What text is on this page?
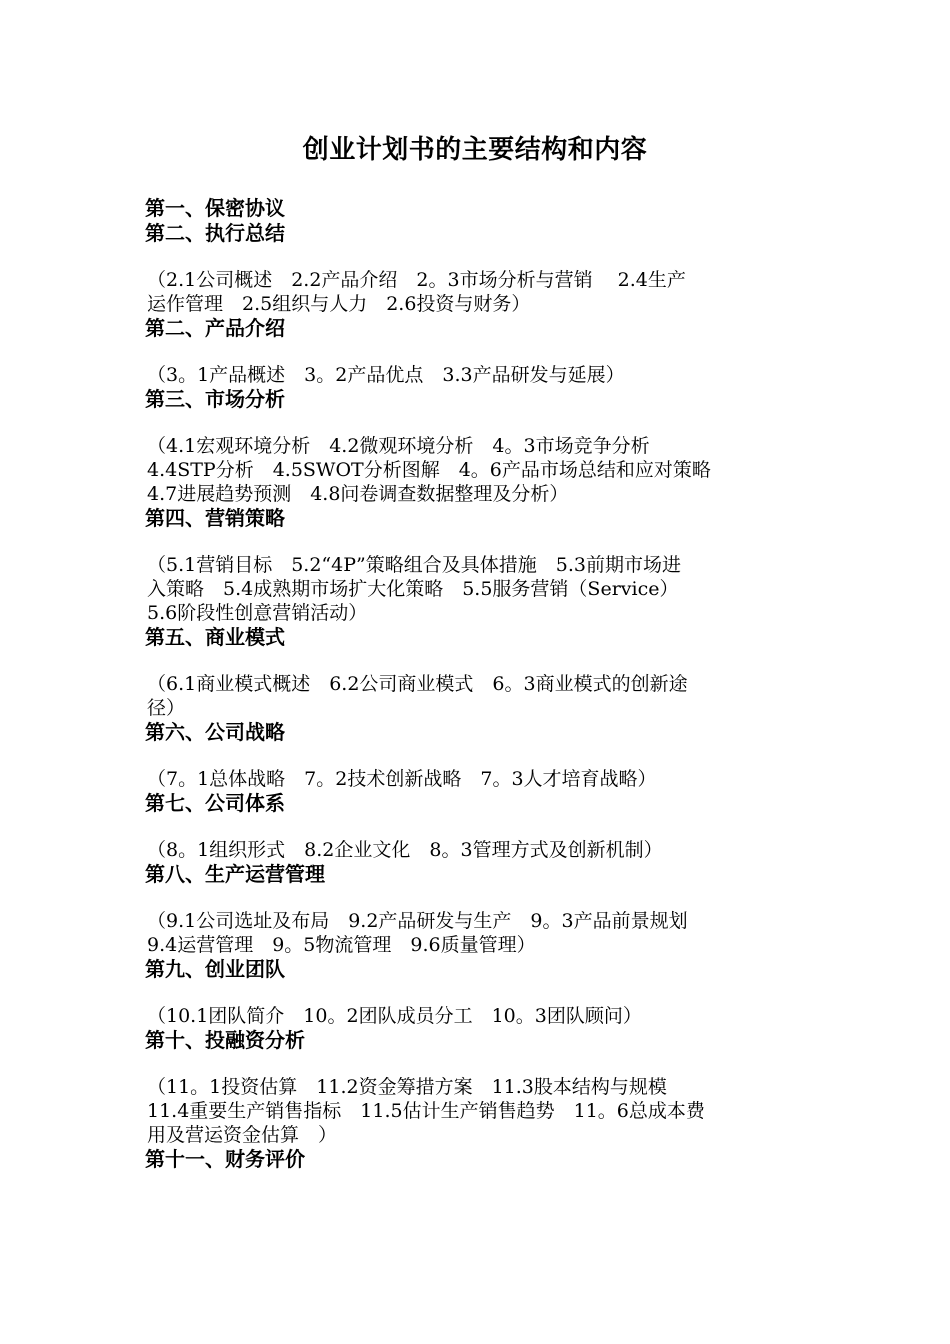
创业计划书的主要结构和内容
第一、保密协议
第二、执行总结
（2.1公司概述　2.2产品介绍　2。3市场分析与营销　 2.4生产
运作管理　2.5组织与人力　2.6投资与财务）
第二、产品介绍
（3。1产品概述　3。2产品优点　3.3产品研发与延展）
第三、市场分析
（4.1宏观环境分析　4.2微观环境分析　4。3市场竞争分析
4.4STP分析　4.5SWOT分析图解　4。6产品市场总结和应对策略
4.7进展趋势预测　4.8问卷调查数据整理及分析）
第四、营销策略
（5.1营销目标　5.2“4P”策略组合及具体措施　5.3前期市场进
入策略　5.4成熟期市场扩大化策略　5.5服务营销（Service）
5.6阶段性创意营销活动）
第五、商业模式
（6.1商业模式概述　6.2公司商业模式　6。3商业模式的创新途
径）
第六、公司战略
（7。1总体战略　7。2技术创新战略　7。3人才培育战略）
第七、公司体系
（8。1组织形式　8.2企业文化　8。3管理方式及创新机制）
第八、生产运营管理
（9.1公司选址及布局　9.2产品研发与生产　9。3产品前景规划
9.4运营管理　9。5物流管理　9.6质量管理）
第九、创业团队
（10.1团队简介　10。2团队成员分工　10。3团队顾问）
第十、投融资分析
（11。1投资估算　11.2资金筹措方案　11.3股本结构与规模
11.4重要生产销售指标　11.5估计生产销售趋势　11。6总成本费
用及营运资金估算　）
第十一、财务评价
